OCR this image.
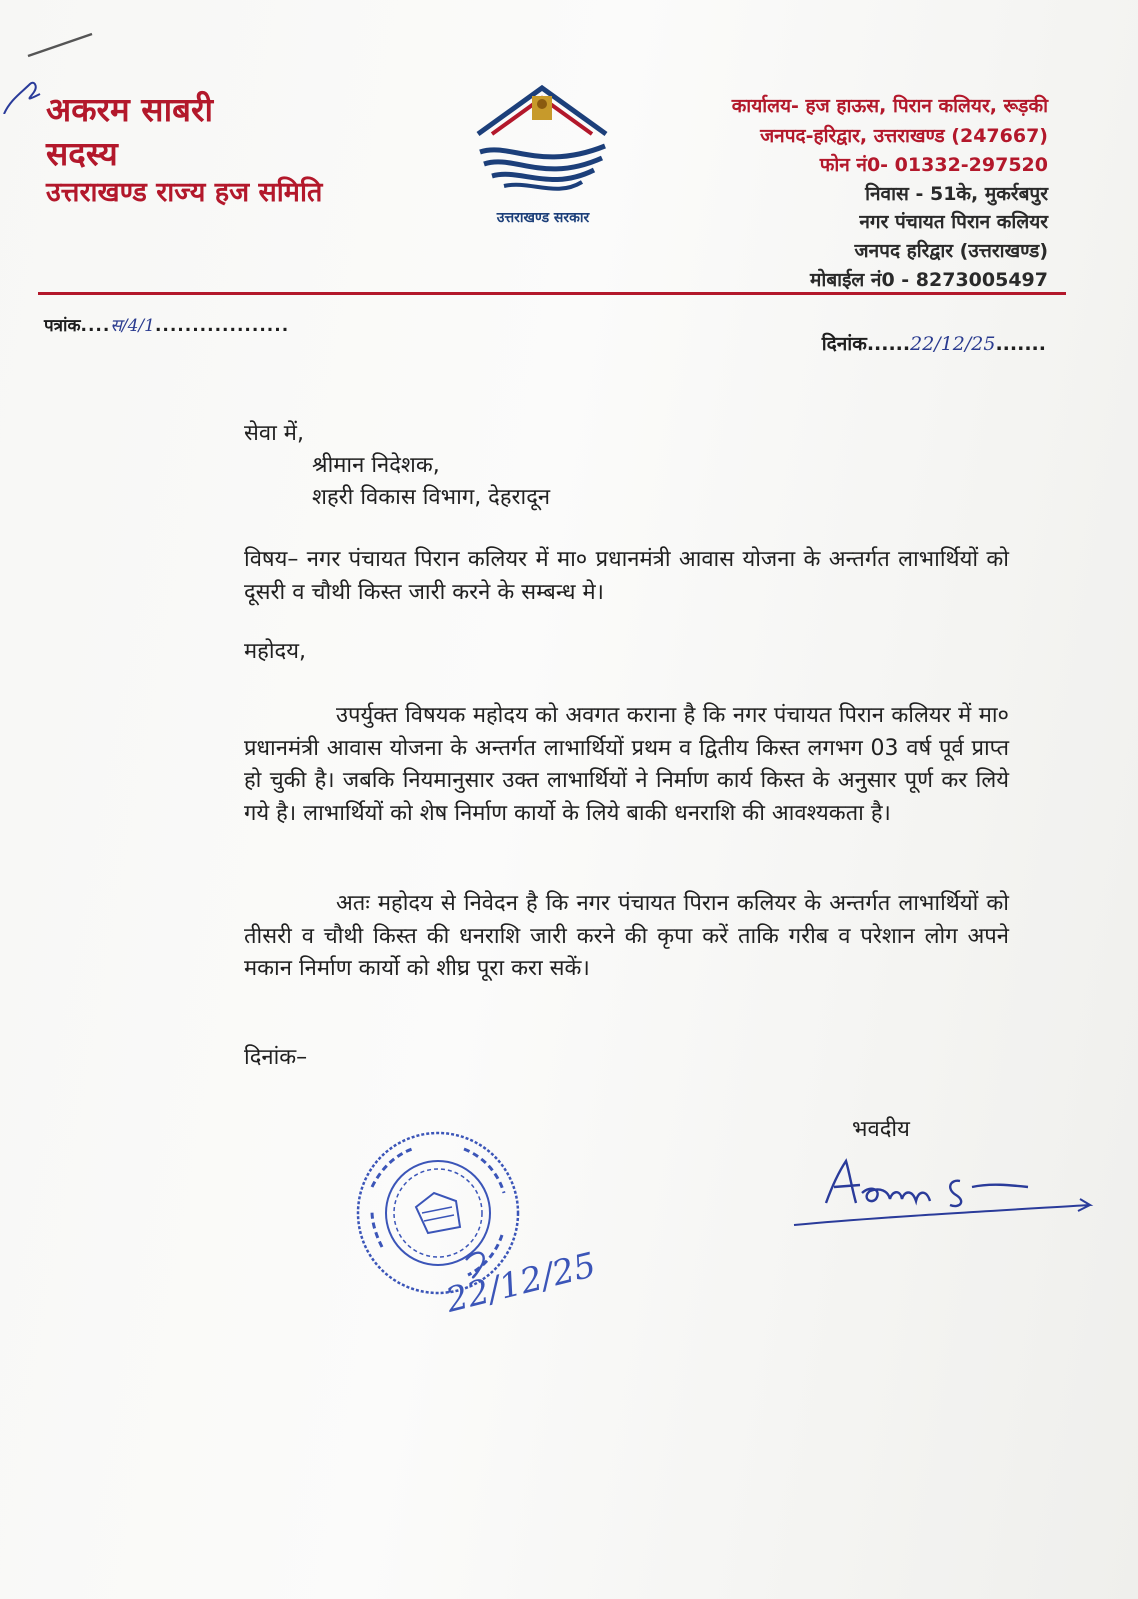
अकरम साबरी
सदस्य
उत्तराखण्ड राज्य हज समिति
उत्तराखण्ड सरकार
कार्यालय- हज हाऊस, पिरान कलियर, रूड़की
जनपद-हरिद्वार, उत्तराखण्ड (247667)
फोन नं0- 01332-297520
निवास - 51के, मुकर्रबपुर
नगर पंचायत पिरान कलियर
जनपद हरिद्वार (उत्तराखण्ड)
मोबाईल नं0 - 8273005497
पत्रांक....स/4/1..................
दिनांक......22/12/25.......
सेवा में,
श्रीमान निदेशक,
शहरी विकास विभाग, देहरादून
विषय– नगर पंचायत पिरान कलियर में मा० प्रधानमंत्री आवास योजना के अन्तर्गत लाभार्थियों को दूसरी व चौथी किस्त जारी करने के सम्बन्ध मे।
महोदय,
उपर्युक्त विषयक महोदय को अवगत कराना है कि नगर पंचायत पिरान कलियर में मा० प्रधानमंत्री आवास योजना के अन्तर्गत लाभार्थियों प्रथम व द्वितीय किस्त लगभग 03 वर्ष पूर्व प्राप्त हो चुकी है। जबकि नियमानुसार उक्त लाभार्थियों ने निर्माण कार्य किस्त के अनुसार पूर्ण कर लिये गये है। लाभार्थियों को शेष निर्माण कार्यो के लिये बाकी धनराशि की आवश्यकता है।
अतः महोदय से निवेदन है कि नगर पंचायत पिरान कलियर के अन्तर्गत लाभार्थियों को तीसरी व चौथी किस्त की धनराशि जारी करने की कृपा करें ताकि गरीब व परेशान लोग अपने मकान निर्माण कार्यो को शीघ्र पूरा करा सकें।
दिनांक–
भवदीय
22/12/25
